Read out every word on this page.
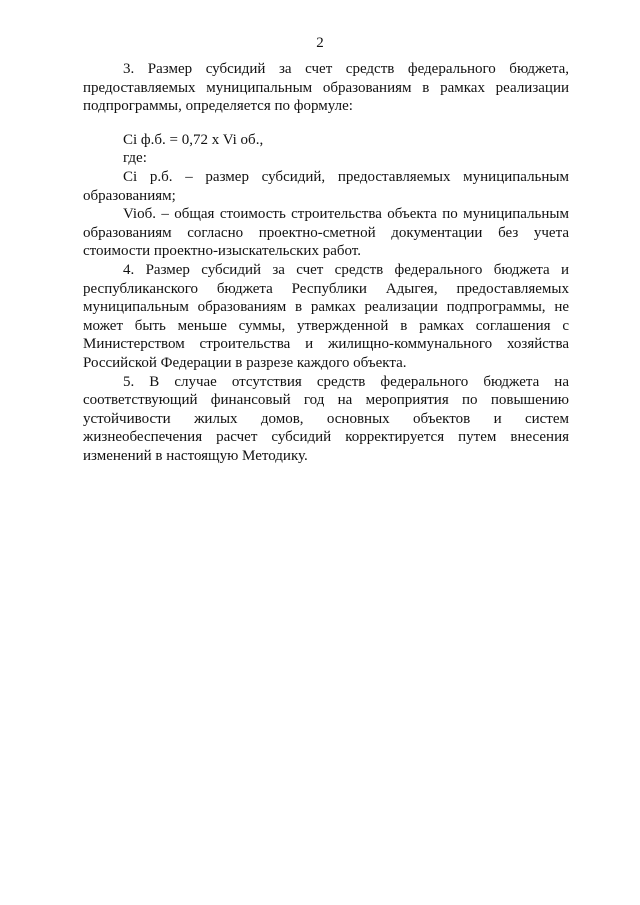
2

3. Размер субсидий за счет средств федерального бюджета, предоставляемых муниципальным образованиям в рамках реализации подпрограммы, определяется по формуле:

Ci ф.б. = 0,72 x Vi об.,

где:

Ci р.б. – размер субсидий, предоставляемых муниципальным образованиям;

Viоб. – общая стоимость строительства объекта по муниципальным образованиям согласно проектно-сметной документации без учета стоимости проектно-изыскательских работ.

4. Размер субсидий за счет средств федерального бюджета и республиканского бюджета Республики Адыгея, предоставляемых муниципальным образованиям в рамках реализации подпрограммы, не может быть меньше суммы, утвержденной в рамках соглашения с Министерством строительства и жилищно-коммунального хозяйства Российской Федерации в разрезе каждого объекта.

5. В случае отсутствия средств федерального бюджета на соответствующий финансовый год на мероприятия по повышению устойчивости жилых домов, основных объектов и систем жизнеобеспечения расчет субсидий корректируется путем внесения изменений в настоящую Методику.
